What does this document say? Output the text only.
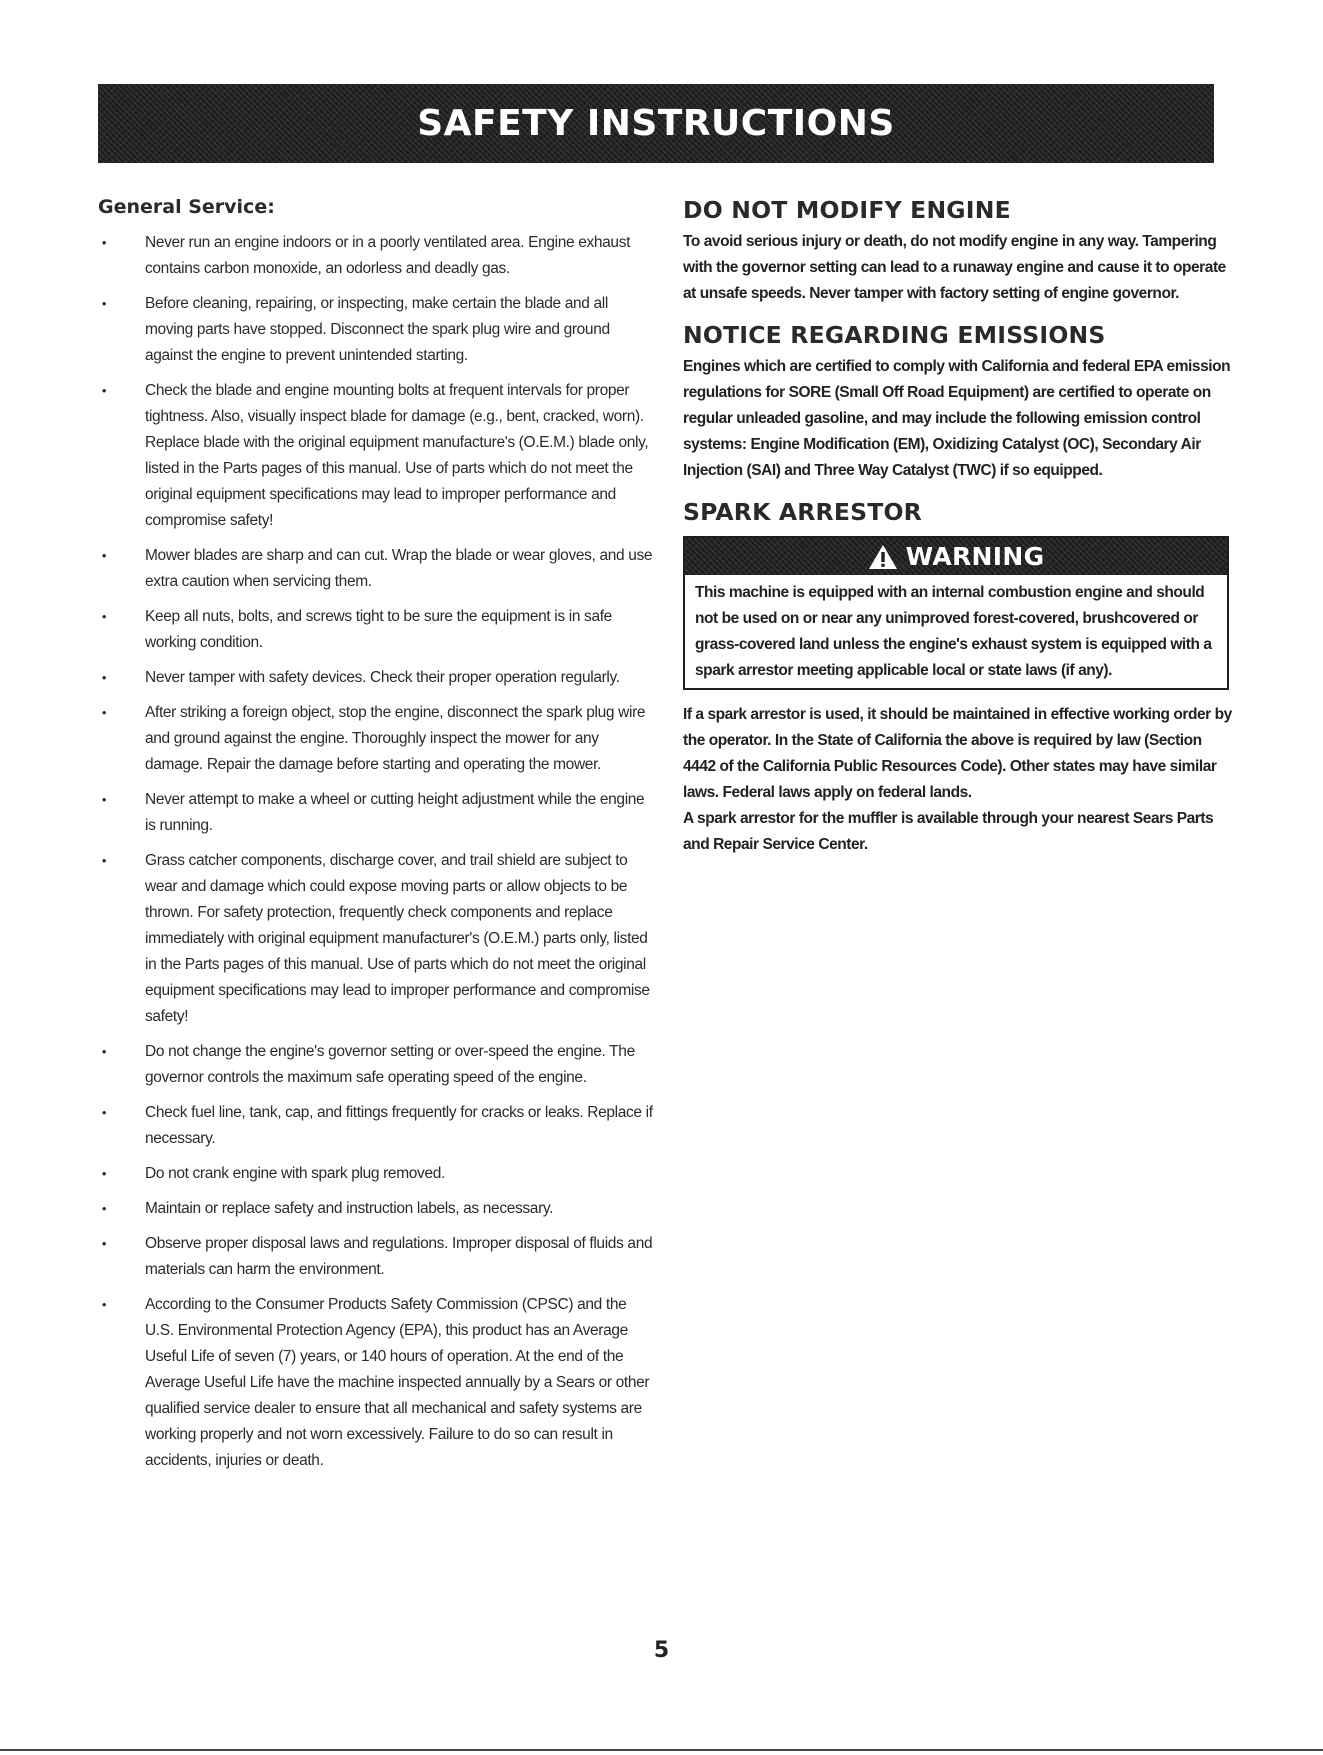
SAFETY INSTRUCTIONS
General Service:
•	Never run an engine indoors or in a poorly ventilated area. Engine exhaust contains carbon monoxide, an odorless and deadly gas.
•	Before cleaning, repairing, or inspecting, make certain the blade and all moving parts have stopped. Disconnect the spark plug wire and ground against the engine to prevent unintended starting.
•	Check the blade and engine mounting bolts at frequent intervals for proper tightness. Also, visually inspect blade for damage (e.g., bent, cracked, worn). Replace blade with the original equipment manufacture's (O.E.M.) blade only, listed in the Parts pages of this manual. Use of parts which do not meet the original equipment specifications may lead to improper performance and compromise safety!
•	Mower blades are sharp and can cut. Wrap the blade or wear gloves, and use extra caution when servicing them.
•	Keep all nuts, bolts, and screws tight to be sure the equipment is in safe working condition.
•	Never tamper with safety devices. Check their proper operation regularly.
•	After striking a foreign object, stop the engine, disconnect the spark plug wire and ground against the engine. Thoroughly inspect the mower for any damage. Repair the damage before starting and operating the mower.
•	Never attempt to make a wheel or cutting height adjustment while the engine is running.
•	Grass catcher components, discharge cover, and trail shield are subject to wear and damage which could expose moving parts or allow objects to be thrown. For safety protection, frequently check components and replace immediately with original equipment manufacturer's (O.E.M.) parts only, listed in the Parts pages of this manual. Use of parts which do not meet the original equipment specifications may lead to improper performance and compromise safety!
•	Do not change the engine's governor setting or over-speed the engine. The governor controls the maximum safe operating speed of the engine.
•	Check fuel line, tank, cap, and fittings frequently for cracks or leaks. Replace if necessary.
•	Do not crank engine with spark plug removed.
•	Maintain or replace safety and instruction labels, as necessary.
•	Observe proper disposal laws and regulations. Improper disposal of fluids and materials can harm the environment.
•	According to the Consumer Products Safety Commission (CPSC) and the U.S. Environmental Protection Agency (EPA), this product has an Average Useful Life of seven (7) years, or 140 hours of operation. At the end of the Average Useful Life have the machine inspected annually by a Sears or other qualified service dealer to ensure that all mechanical and safety systems are working properly and not worn excessively. Failure to do so can result in accidents, injuries or death.
DO NOT MODIFY ENGINE

To avoid serious injury or death, do not modify engine in any way. Tampering with the governor setting can lead to a runaway engine and cause it to operate at unsafe speeds. Never tamper with factory setting of engine governor.

NOTICE REGARDING EMISSIONS

Engines which are certified to comply with California and federal EPA emission regulations for SORE (Small Off Road Equipment) are certified to operate on regular unleaded gasoline, and may include the following emission control systems: Engine Modification (EM), Oxidizing Catalyst (OC), Secondary Air Injection (SAI) and Three Way Catalyst (TWC) if so equipped.

SPARK ARRESTOR
WARNING
This machine is equipped with an internal combustion engine and should not be used on or near any unimproved forest-covered, brushcovered or grass-covered land unless the engine's exhaust system is equipped with a spark arrestor meeting applicable local or state laws (if any).

If a spark arrestor is used, it should be maintained in effective working order by the operator. In the State of California the above is required by law (Section 4442 of the California Public Resources Code). Other states may have similar laws. Federal laws apply on federal lands.

A spark arrestor for the muffler is available through your nearest Sears Parts and Repair Service Center.

5
